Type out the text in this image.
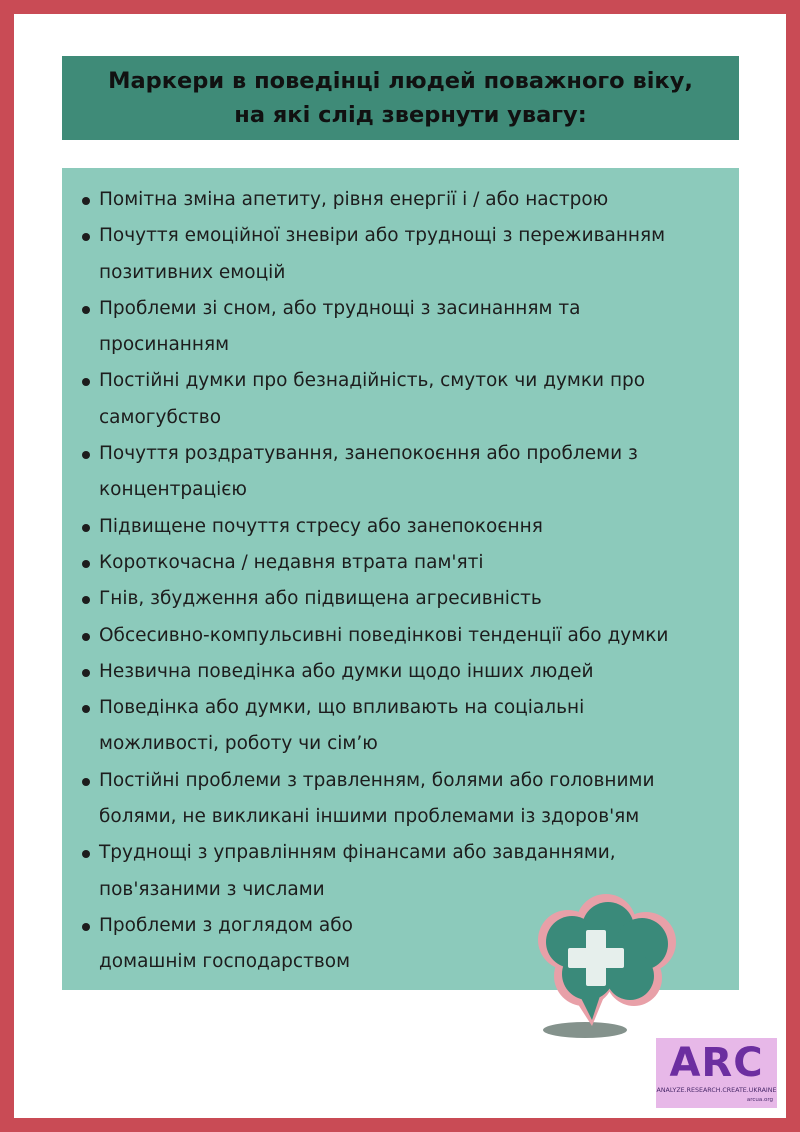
Маркери в поведінці людей поважного віку,
на які слід звернути увагу:
Помітна зміна апетиту, рівня енергії і / або настрою
Почуття емоційної зневіри або труднощі з переживанням
позитивних емоцій
Проблеми зі сном, або труднощі з засинанням та
просинанням
Постійні думки про безнадійність, смуток чи думки про
самогубство
Почуття роздратування, занепокоєння або проблеми з
концентрацією
Підвищене почуття стресу або занепокоєння
Короткочасна / недавня втрата пам'яті
Гнів, збудження або підвищена агресивність
Обсесивно-компульсивні поведінкові тенденції або думки
Незвична поведінка або думки щодо інших людей
Поведінка або думки, що впливають на соціальні
можливості, роботу чи сім’ю
Постійні проблеми з травленням, болями або головними
болями, не викликані іншими проблемами із здоров'ям
Труднощі з управлінням фінансами або завданнями,
пов'язаними з числами
Проблеми з доглядом або
домашнім господарством
ARC
ANALYZE.RESEARCH.CREATE.UKRAINE
arcua.org
